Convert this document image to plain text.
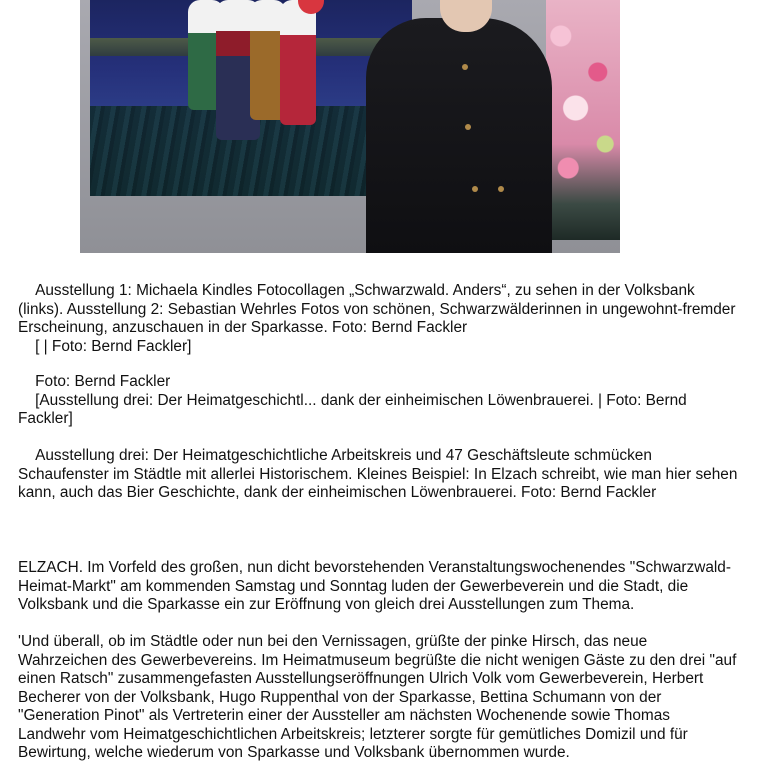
Ausstellung 1: Michaela Kindles Fotocollagen „Schwarzwald. Anders“, zu sehen in der Volksbank (links). Ausstellung 2: Sebastian Wehrles Fotos von schönen, Schwarzwälderinnen in ungewohnt-fremder Erscheinung, anzuschauen in der Sparkasse. Foto: Bernd Fackler
[ | Foto: Bernd Fackler]

Foto: Bernd Fackler
[Ausstellung drei: Der Heimatgeschichtl... dank der einheimischen Löwenbrauerei. | Foto: Bernd Fackler]

Ausstellung drei: Der Heimatgeschichtliche Arbeitskreis und 47 Geschäftsleute schmücken Schaufenster im Städtle mit allerlei Historischem. Kleines Beispiel: In Elzach schreibt, wie man hier sehen kann, auch das Bier Geschichte, dank der einheimischen Löwenbrauerei. Foto: Bernd Fackler

ELZACH. Im Vorfeld des großen, nun dicht bevorstehenden Veranstaltungswochenendes "Schwarzwald-Heimat-Markt" am kommenden Samstag und Sonntag luden der Gewerbeverein und die Stadt, die Volksbank und die Sparkasse ein zur Eröffnung von gleich drei Ausstellungen zum Thema.

'Und überall, ob im Städtle oder nun bei den Vernissagen, grüßte der pinke Hirsch, das neue Wahrzeichen des Gewerbevereins. Im Heimatmuseum begrüßte die nicht wenigen Gäste zu den drei "auf einen Ratsch" zusammengefasten Ausstellungseröffnungen Ulrich Volk vom Gewerbeverein, Herbert Becherer von der Volksbank, Hugo Ruppenthal von der Sparkasse, Bettina Schumann von der "Generation Pinot" als Vertreterin einer der Aussteller am nächsten Wochenende sowie Thomas Landwehr vom Heimatgeschichtlichen Arbeitskreis; letzterer sorgte für gemütliches Domizil und für Bewirtung, welche wiederum von Sparkasse und Volksbank übernommen wurde.
